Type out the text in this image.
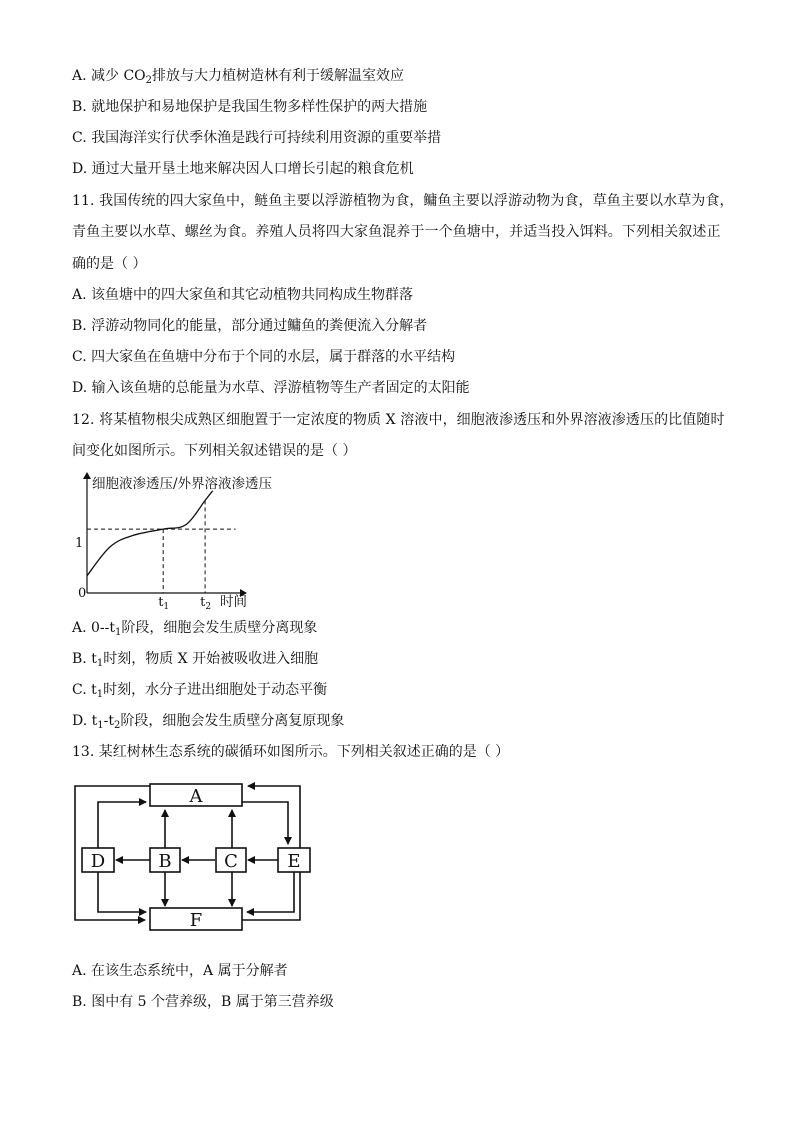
A. 减少 $CO_2$排放与大力植树造林有利于缓解温室效应
B. 就地保护和易地保护是我国生物多样性保护的两大措施
C. 我国海洋实行伏季休渔是践行可持续利用资源的重要举措
D. 通过大量开垦土地来解决因人口增长引起的粮食危机
11. 我国传统的四大家鱼中，鲢鱼主要以浮游植物为食，鳙鱼主要以浮游动物为食，草鱼主要以水草为食，
青鱼主要以水草、螺丝为食。养殖人员将四大家鱼混养于一个鱼塘中，并适当投入饵料。下列相关叙述正
确的是（ ）
A. 该鱼塘中的四大家鱼和其它动植物共同构成生物群落
B. 浮游动物同化的能量，部分通过鳙鱼的粪便流入分解者
C. 四大家鱼在鱼塘中分布于个同的水层，属于群落的水平结构
D. 输入该鱼塘的总能量为水草、浮游植物等生产者固定的太阳能
12. 将某植物根尖成熟区细胞置于一定浓度的物质 X 溶液中，细胞液渗透压和外界溶液渗透压的比值随时
间变化如图所示。下列相关叙述错误的是（ ）
细胞液渗透压/外界溶液渗透压
1
0
$t_1$ $t_2$ 时间
A. $0--t_1$阶段，细胞会发生质壁分离现象
B. $t_1$时刻，物质 X 开始被吸收进入细胞
C. $t_1$时刻，水分子进出细胞处于动态平衡
D. $t_1-t_2$阶段，细胞会发生质壁分离复原现象
13. 某红树林生态系统的碳循环如图所示。下列相关叙述正确的是（ ）
A
F
D	B	C	E
A. 在该生态系统中，A 属于分解者
B. 图中有 5 个营养级，B 属于第三营养级
